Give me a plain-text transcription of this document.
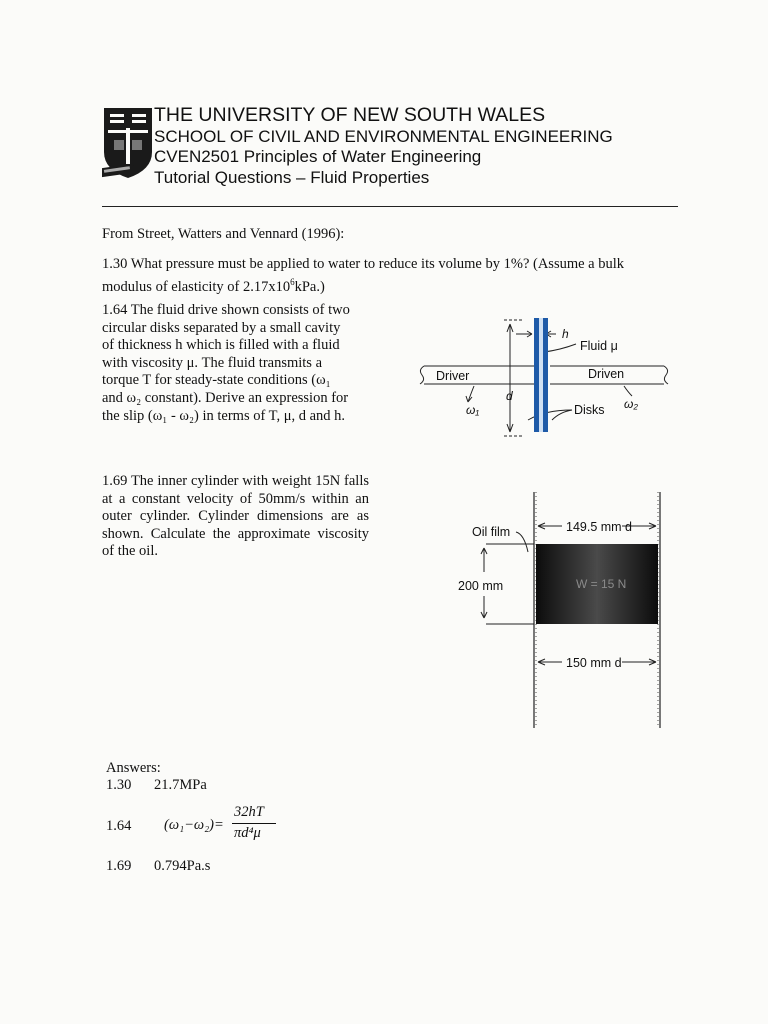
THE UNIVERSITY OF NEW SOUTH WALES
SCHOOL OF CIVIL AND ENVIRONMENTAL ENGINEERING
CVEN2501 Principles of Water Engineering
Tutorial Questions – Fluid Properties
From Street, Watters and Vennard (1996):
1.30 What pressure must be applied to water to reduce its volume by 1%? (Assume a bulk
modulus of elasticity of $2.17x10^6kPa$.)
1.64 The fluid drive shown consists of two
circular disks separated by a small cavity
of thickness h which is filled with a fluid
with viscosity μ. The fluid transmits a
torque T for steady-state conditions (ω₁
and ω₂ constant). Derive an expression for
the slip (ω₁ - ω₂) in terms of T, μ, d and h.
h
Fluid μ
Driver	Driven
d
ω₁	ω₂
Disks
1.69 The inner cylinder with weight 15N falls at a constant velocity of 50mm/s within an outer cylinder. Cylinder dimensions are as shown. Calculate the approximate viscosity of the oil.
Oil film	149.5 mm d
200 mm	W = 15 N
150 mm d
Answers:
1.30 21.7MPa
1.64 (ω₁−ω₂)=
32hT
πd⁴μ
1.69 0.794Pa.s
